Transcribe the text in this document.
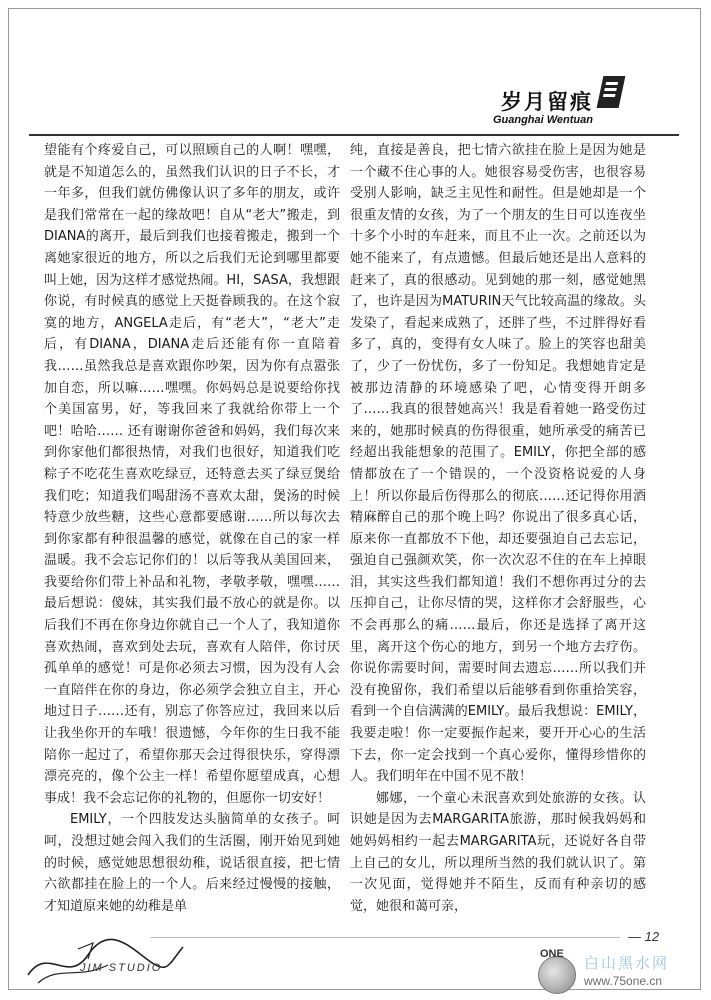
岁月留痕
Guanghai Wentuan

望能有个疼爱自己，可以照顾自己的人啊！嘿嘿，就是不知道怎么的，虽然我们认识的日子不长，才一年多，但我们就仿佛像认识了多年的朋友，或许是我们常常在一起的缘故吧！自从“老大”搬走，到DIANA的离开，最后到我们也接着搬走，搬到一个离她家很近的地方，所以之后我们无论到哪里都要叫上她，因为这样才感觉热闹。HI，SASA，我想跟你说，有时候真的感觉上天挺眷顾我的。在这个寂寞的地方，ANGELA走后，有“老大”，“老大”走后，有DIANA，DIANA走后还能有你一直陪着我……虽然我总是喜欢跟你吵架，因为你有点嚣张加自恋，所以嘛……嘿嘿。你妈妈总是说要给你找个美国富男，好，等我回来了我就给你带上一个吧！哈哈…… 还有谢谢你爸爸和妈妈，我们每次来到你家他们都很热情，对我们也很好，知道我们吃粽子不吃花生喜欢吃绿豆，还特意去买了绿豆煲给我们吃；知道我们喝甜汤不喜欢太甜，煲汤的时候特意少放些糖，这些心意都要感谢……所以每次去到你家都有种很温馨的感觉，就像在自己的家一样温暖。我不会忘记你们的！以后等我从美国回来，我要给你们带上补品和礼物，孝敬孝敬，嘿嘿……最后想说：傻妹，其实我们最不放心的就是你。以后我们不再在你身边你就自己一个人了，我知道你喜欢热闹，喜欢到处去玩，喜欢有人陪伴，你讨厌孤单单的感觉！可是你必须去习惯，因为没有人会一直陪伴在你的身边，你必须学会独立自主，开心地过日子……还有，别忘了你答应过，我回来以后让我坐你开的车哦！很遗憾，今年你的生日我不能陪你一起过了，希望你那天会过得很快乐，穿得漂漂亮亮的，像个公主一样！希望你愿望成真，心想事成！我不会忘记你的礼物的，但愿你一切安好！

EMILY，一个四肢发达头脑简单的女孩子。呵呵，没想过她会闯入我们的生活圈，刚开始见到她的时候，感觉她思想很幼稚，说话很直接，把七情六欲都挂在脸上的一个人。后来经过慢慢的接触，才知道原来她的幼稚是单

纯，直接是善良，把七情六欲挂在脸上是因为她是一个藏不住心事的人。她很容易受伤害，也很容易受别人影响，缺乏主见性和耐性。但是她却是一个很重友情的女孩，为了一个朋友的生日可以连夜坐十多个小时的车赶来，而且不止一次。之前还以为她不能来了，有点遗憾。但最后她还是出人意料的赶来了，真的很感动。见到她的那一刻，感觉她黑了，也许是因为MATURIN天气比较高温的缘故。头发染了，看起来成熟了，还胖了些，不过胖得好看多了，真的，变得有女人味了。脸上的笑容也甜美了，少了一份忧伤，多了一份知足。我想她肯定是被那边清静的环境感染了吧，心情变得开朗多了……我真的很替她高兴！我是看着她一路受伤过来的，她那时候真的伤得很重，她所承受的痛苦已经超出我能想象的范围了。EMILY，你把全部的感情都放在了一个错误的，一个没资格说爱的人身上！所以你最后伤得那么的彻底……还记得你用酒精麻醉自己的那个晚上吗？你说出了很多真心话，原来你一直都放不下他，却还要强迫自己去忘记，强迫自己强颜欢笑，你一次次忍不住的在车上掉眼泪，其实这些我们都知道！我们不想你再过分的去压抑自己，让你尽情的哭，这样你才会舒服些，心不会再那么的痛……最后，你还是选择了离开这里，离开这个伤心的地方，到另一个地方去疗伤。你说你需要时间，需要时间去遗忘……所以我们并没有挽留你，我们希望以后能够看到你重拾笑容，看到一个自信满满的EMILY。最后我想说：EMILY，我要走啦！你一定要振作起来，要开开心心的生活下去，你一定会找到一个真心爱你，懂得珍惜你的人。我们明年在中国不见不散！

娜娜，一个童心未泯喜欢到处旅游的女孩。认识她是因为去MARGARITA旅游，那时候我妈妈和她妈妈相约一起去MARGARITA玩，还说好各自带上自己的女儿，所以理所当然的我们就认识了。第一次见面，觉得她并不陌生，反而有种亲切的感觉，她很和蔼可亲，

JIM STUDIO
— 12
ONE 白山黑水网
www.75one.cn
